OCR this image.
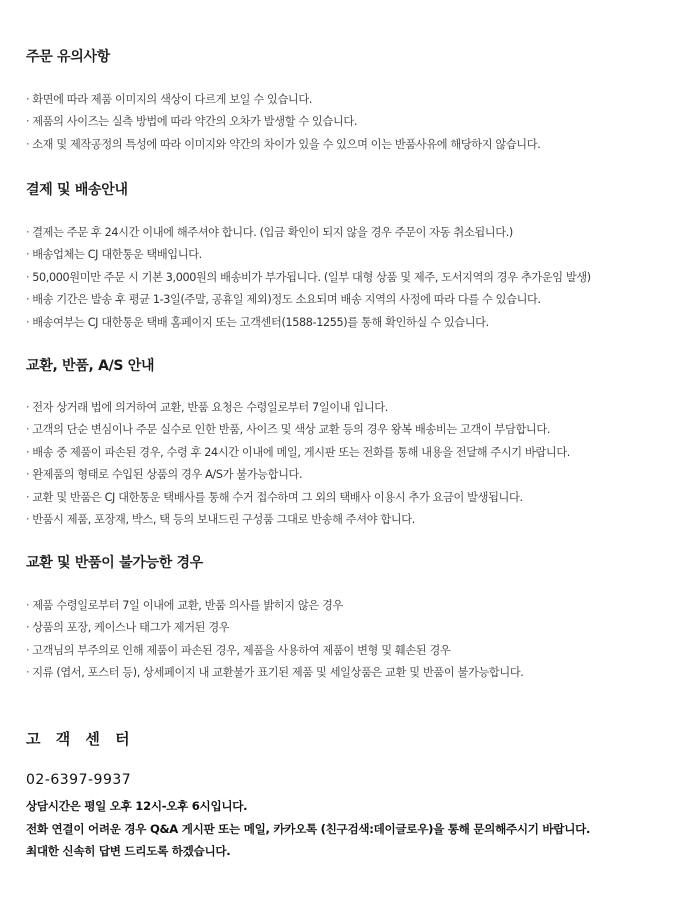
주문 유의사항
· 화면에 따라 제품 이미지의 색상이 다르게 보일 수 있습니다.
· 제품의 사이즈는 실측 방법에 따라 약간의 오차가 발생할 수 있습니다.
· 소재 및 제작공정의 특성에 따라 이미지와 약간의 차이가 있을 수 있으며 이는 반품사유에 해당하지 않습니다.
결제 및 배송안내
· 결제는 주문 후 24시간 이내에 해주셔야 합니다. (입금 확인이 되지 않을 경우 주문이 자동 취소됩니다.)
· 배송업체는 CJ 대한통운 택배입니다.
· 50,000원미만 주문 시 기본 3,000원의 배송비가 부가됩니다. (일부 대형 상품 및 제주, 도서지역의 경우 추가운임 발생)
· 배송 기간은 발송 후 평균 1-3일(주말, 공휴일 제외)정도 소요되며 배송 지역의 사정에 따라 다를 수 있습니다.
· 배송여부는 CJ 대한통운 택배 홈페이지 또는 고객센터(1588-1255)를 통해 확인하실 수 있습니다.
교환, 반품, A/S 안내
· 전자 상거래 법에 의거하여 교환, 반품 요청은 수령일로부터 7일이내 입니다.
· 고객의 단순 변심이나 주문 실수로 인한 반품, 사이즈 및 색상 교환 등의 경우 왕복 배송비는 고객이 부담합니다.
· 배송 중 제품이 파손된 경우, 수령 후 24시간 이내에 메일, 게시판 또는 전화를 통해 내용을 전달해 주시기 바랍니다.
· 완제품의 형태로 수입된 상품의 경우 A/S가 불가능합니다.
· 교환 및 반품은 CJ 대한통운 택배사를 통해 수거 접수하며 그 외의 택배사 이용시 추가 요금이 발생됩니다.
· 반품시 제품, 포장재, 박스, 택 등의 보내드린 구성품 그대로 반송해 주셔야 합니다.
교환 및 반품이 불가능한 경우
· 제품 수령일로부터 7일 이내에 교환, 반품 의사를 밝히지 않은 경우
· 상품의 포장, 케이스나 태그가 제거된 경우
· 고객님의 부주의로 인해 제품이 파손된 경우, 제품을 사용하여 제품이 변형 및 훼손된 경우
· 지류 (엽서, 포스터 등), 상세페이지 내 교환불가 표기된 제품 및 세일상품은 교환 및 반품이 불가능합니다.
고 객 센 터
02-6397-9937
상담시간은 평일 오후 12시-오후 6시입니다.
전화 연결이 어려운 경우 Q&A 게시판 또는 메일, 카카오톡 (친구검색:데이글로우)을 통해 문의해주시기 바랍니다.
최대한 신속히 답변 드리도록 하겠습니다.
